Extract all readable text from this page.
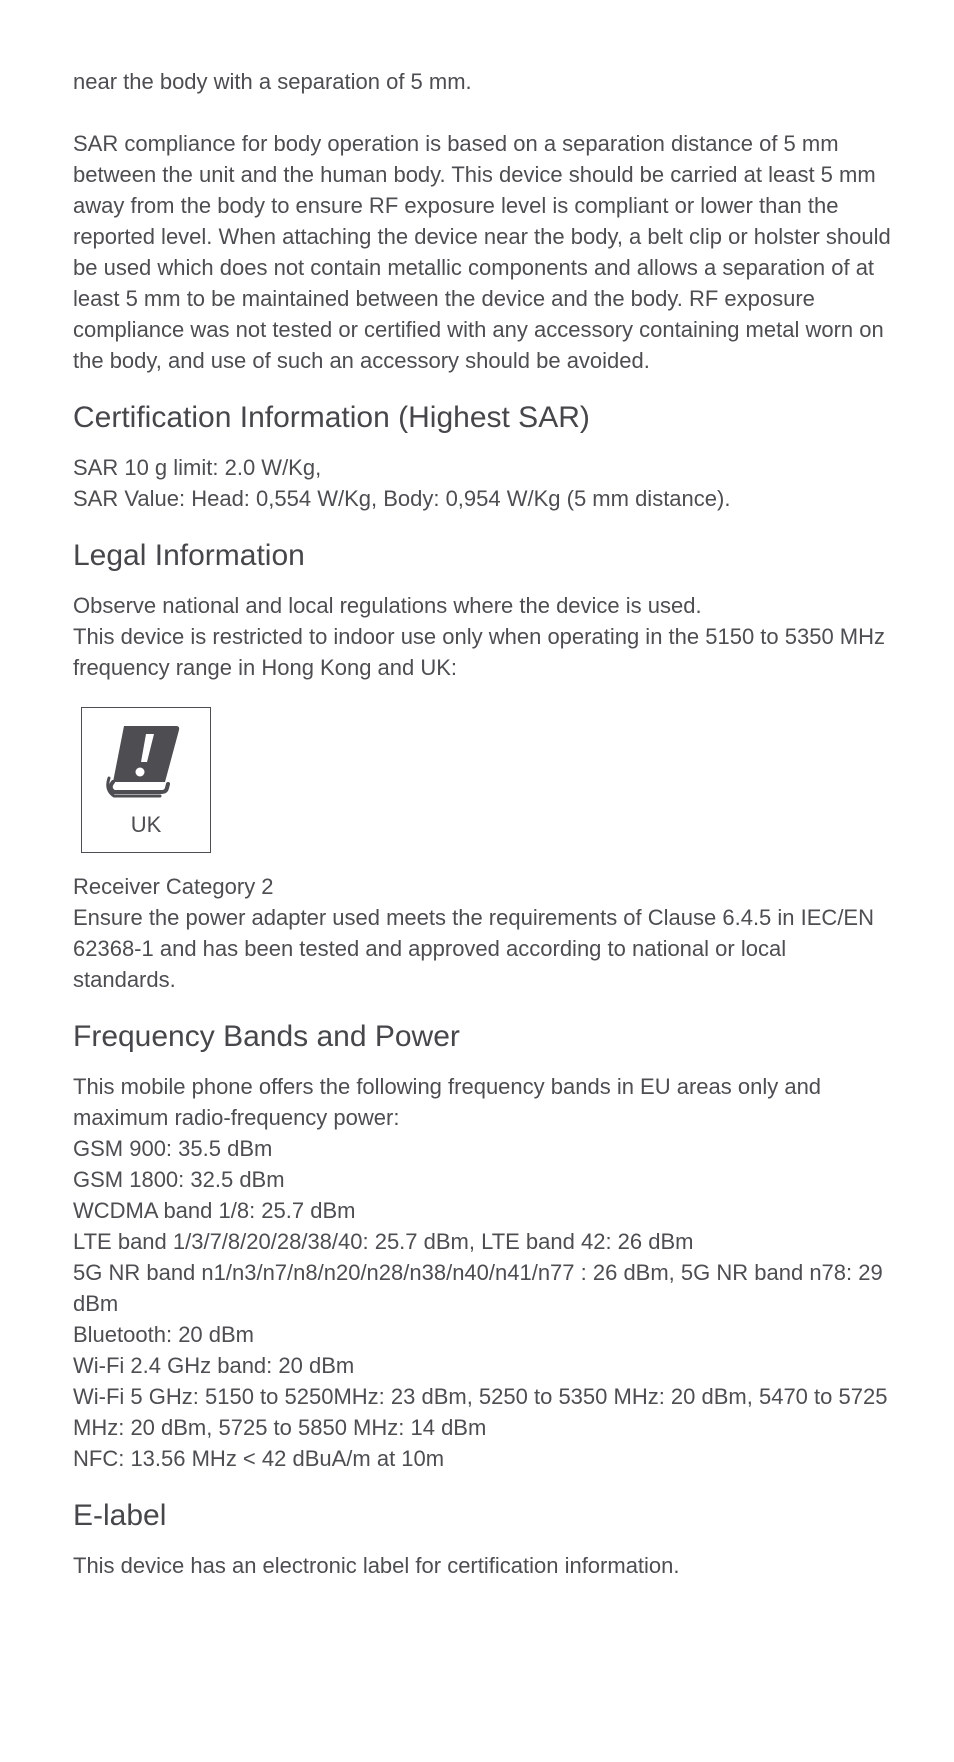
near the body with a separation of 5 mm.

SAR compliance for body operation is based on a separation distance of 5 mm between the unit and the human body. This device should be carried at least 5 mm away from the body to ensure RF exposure level is compliant or lower than the reported level. When attaching the device near the body, a belt clip or holster should be used which does not contain metallic components and allows a separation of at least 5 mm to be maintained between the device and the body. RF exposure compliance was not tested or certified with any accessory containing metal worn on the body, and use of such an accessory should be avoided.

Certification Information (Highest SAR)

SAR 10 g limit: 2.0 W/Kg,
SAR Value: Head: 0,554 W/Kg, Body: 0,954 W/Kg (5 mm distance).

Legal Information

Observe national and local regulations where the device is used.
This device is restricted to indoor use only when operating in the 5150 to 5350 MHz frequency range in Hong Kong and UK:

UK

Receiver Category 2
Ensure the power adapter used meets the requirements of Clause 6.4.5 in IEC/EN 62368-1 and has been tested and approved according to national or local standards.

Frequency Bands and Power

This mobile phone offers the following frequency bands in EU areas only and maximum radio-frequency power:
GSM 900: 35.5 dBm
GSM 1800: 32.5 dBm
WCDMA band 1/8: 25.7 dBm
LTE band 1/3/7/8/20/28/38/40: 25.7 dBm, LTE band 42: 26 dBm
5G NR band n1/n3/n7/n8/n20/n28/n38/n40/n41/n77 : 26 dBm, 5G NR band n78: 29 dBm
Bluetooth: 20 dBm
Wi-Fi 2.4 GHz band: 20 dBm
Wi-Fi 5 GHz: 5150 to 5250MHz: 23 dBm, 5250 to 5350 MHz: 20 dBm, 5470 to 5725 MHz: 20 dBm, 5725 to 5850 MHz: 14 dBm
NFC: 13.56 MHz < 42 dBuA/m at 10m

E-label

This device has an electronic label for certification information.
